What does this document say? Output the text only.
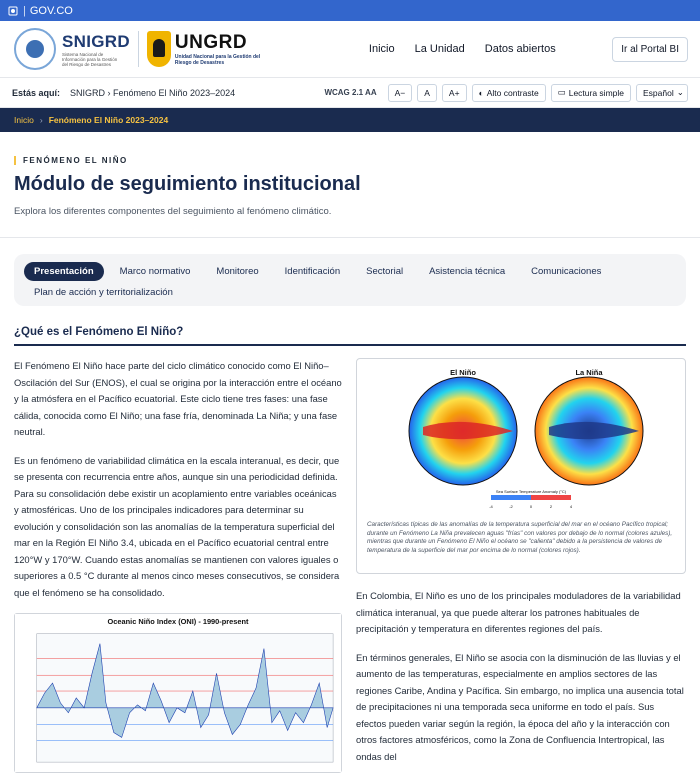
| GOV.CO
SNIGRD
Sistema Nacional de Información para la Gestión del Riesgo de Desastres
UNGRD
Unidad Nacional para la Gestión del Riesgo de Desastres
Inicio La Unidad Datos abiertos	Ir al Portal BI
Estás aquí: SNIGRD › Fenómeno El Niño 2023–2024	WCAG 2.1 AA	A−	A	A+	◐ Alto contraste ▭ Lectura simple Español ⌄
Inicio › Fenómeno El Niño 2023–2024
FENÓMENO EL NIÑO
Módulo de seguimiento institucional

Explora los diferentes componentes del seguimiento al fenómeno climático.

Presentación	Marco normativo	Monitoreo	Identificación	Sectorial	Asistencia técnica	Comunicaciones
Plan de acción y territorialización
¿Qué es el Fenómeno El Niño?

El Fenómeno El Niño hace parte del ciclo climático conocido como El Niño–Oscilación del Sur (ENOS), el cual se origina por la interacción entre el océano y la atmósfera en el Pacífico ecuatorial. Este ciclo tiene tres fases: una fase cálida, conocida como El Niño; una fase fría, denominada La Niña; y una fase neutral.

Es un fenómeno de variabilidad climática en la escala interanual, es decir, que se presenta con recurrencia entre años, aunque sin una periodicidad definida. Para su consolidación debe existir un acoplamiento entre variables oceánicas y atmosféricas. Uno de los principales indicadores para determinar su evolución y consolidación son las anomalías de la temperatura superficial del mar en la Región El Niño 3.4, ubicada en el Pacífico ecuatorial central entre 120°W y 170°W. Cuando estas anomalías se mantienen con valores iguales o superiores a 0.5 °C durante al menos cinco meses consecutivos, se considera que el fenómeno se ha consolidado.

Oceanic Niño Index (ONI) - 1990-present
El Niño	La Niña
Sea Surface Temperature Anomaly (°C)
-4	-2	0	2	4
Características típicas de las anomalías de la temperatura superficial del mar en el océano Pacífico tropical; durante un Fenómeno La Niña prevalecen aguas "frías" con valores por debajo de lo normal (colores azules), mientras que durante un Fenómeno El Niño el océano se "calienta" debido a la persistencia de valores de temperatura de la superficie del mar por encima de lo normal (colores rojos).

En Colombia, El Niño es uno de los principales moduladores de la variabilidad climática interanual, ya que puede alterar los patrones habituales de precipitación y temperatura en diferentes regiones del país.

En términos generales, El Niño se asocia con la disminución de las lluvias y el aumento de las temperaturas, especialmente en amplios sectores de las regiones Caribe, Andina y Pacífica. Sin embargo, no implica una ausencia total de precipitaciones ni una temporada seca uniforme en todo el país. Sus efectos pueden variar según la región, la época del año y la interacción con otros factores atmosféricos, como la Zona de Confluencia Intertropical, las ondas del
